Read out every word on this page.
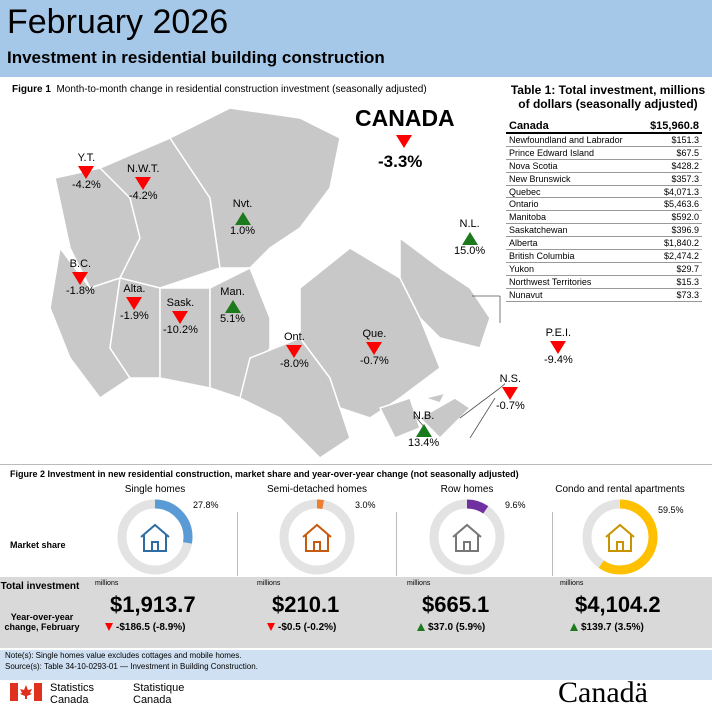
February 2026
Investment in residential building construction
Figure 1 Month-to-month change in residential construction investment (seasonally adjusted)
CANADA
-3.3%
Y.T.
-4.2%
N.W.T.
-4.2%
Nvt.
1.0%
B.C.
-1.8%	Alta.
-1.9%
Sask.
-10.2%
Man.
5.1%
Ont.
-8.0%
Que.
-0.7%
N.L.
15.0%
P.E.I.
-9.4%
N.S.
-0.7%
N.B.
13.4%
Table 1: Total investment, millions of dollars (seasonally adjusted)
Canada	$15,960.8
Newfoundland and Labrador	$151.3
Prince Edward Island	$67.5
Nova Scotia	$428.2
New Brunswick	$357.3
Quebec	$4,071.3
Ontario	$5,463.6
Manitoba	$592.0
Saskatchewan	$396.9
Alberta	$1,840.2
British Columbia	$2,474.2
Yukon	$29.7
Northwest Territories	$15.3
Nunavut	$73.3
Figure 2 Investment in new residential construction, market share and year-over-year change (not seasonally adjusted)
Market share
Single homes
27.8%
Semi-detached homes
3.0%
Row homes
9.6%
Condo and rental apartments
59.5%
Total investment
Year-over-year change, February
millions
$1,913.7
-$186.5 (-8.9%)
millions
$210.1
-$0.5 (-0.2%)
millions
$665.1
$37.0 (5.9%)
millions
$4,104.2
$139.7 (3.5%)
Note(s): Single homes value excludes cottages and mobile homes.
Source(s): Table 34-10-0293-01 — Investment in Building Construction.
Statistics
Canada
Statistique
Canada	Canadä
